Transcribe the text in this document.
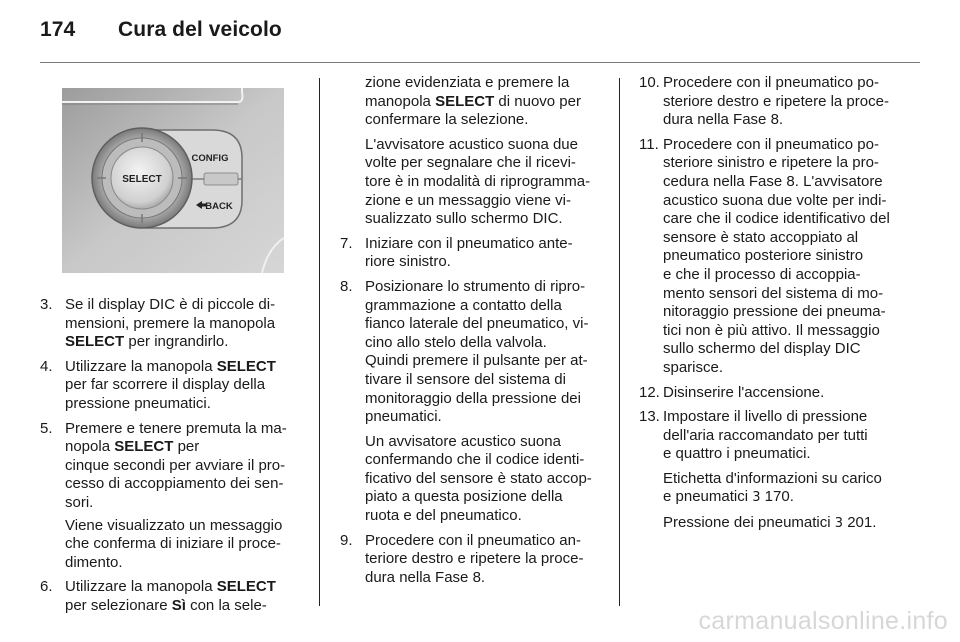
174 Cura del veicolo
SELECT
CONFIG
BACK
3. Se il display DIC è di piccole di-
mensioni, premere la manopola
SELECT per ingrandirlo.
4. Utilizzare la manopola SELECT
per far scorrere il display della
pressione pneumatici.
5. Premere e tenere premuta la ma-
nopola SELECT per
cinque secondi per avviare il pro-
cesso di accoppiamento dei sen-
sori.
Viene visualizzato un messaggio
che conferma di iniziare il proce-
dimento.
6. Utilizzare la manopola SELECT
per selezionare Sì con la sele-
zione evidenziata e premere la
manopola SELECT di nuovo per
confermare la selezione.
L'avvisatore acustico suona due
volte per segnalare che il ricevi-
tore è in modalità di riprogramma-
zione e un messaggio viene vi-
sualizzato sullo schermo DIC.
7. Iniziare con il pneumatico ante-
riore sinistro.
8. Posizionare lo strumento di ripro-
grammazione a contatto della
fianco laterale del pneumatico, vi-
cino allo stelo della valvola.
Quindi premere il pulsante per at-
tivare il sensore del sistema di
monitoraggio della pressione dei
pneumatici.
Un avvisatore acustico suona
confermando che il codice identi-
ficativo del sensore è stato accop-
piato a questa posizione della
ruota e del pneumatico.
9. Procedere con il pneumatico an-
teriore destro e ripetere la proce-
dura nella Fase 8.
10. Procedere con il pneumatico po-
steriore destro e ripetere la proce-
dura nella Fase 8.
11. Procedere con il pneumatico po-
steriore sinistro e ripetere la pro-
cedura nella Fase 8. L'avvisatore
acustico suona due volte per indi-
care che il codice identificativo del
sensore è stato accoppiato al
pneumatico posteriore sinistro
e che il processo di accoppia-
mento sensori del sistema di mo-
nitoraggio pressione dei pneuma-
tici non è più attivo. Il messaggio
sullo schermo del display DIC
sparisce.
12. Disinserire l'accensione.
13. Impostare il livello di pressione
dell'aria raccomandato per tutti
e quattro i pneumatici.
Etichetta d'informazioni su carico
e pneumatici 3 170.
Pressione dei pneumatici 3 201.
carmanualsonline.info
